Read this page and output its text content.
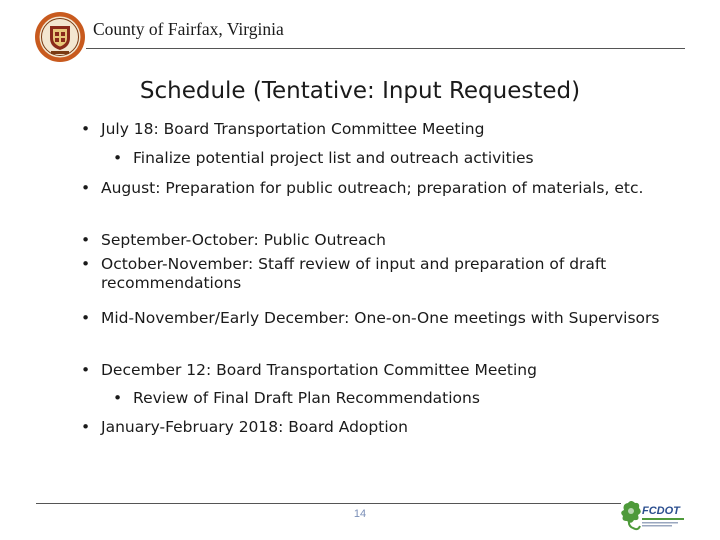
County of Fairfax, Virginia
Schedule (Tentative: Input Requested)
• July 18: Board Transportation Committee Meeting
• Finalize potential project list and outreach activities
• August: Preparation for public outreach; preparation of materials, etc.
• September-October: Public Outreach
• October-November: Staff review of input and preparation of draft recommendations
• Mid-November/Early December: One-on-One meetings with Supervisors
• December 12: Board Transportation Committee Meeting
• Review of Final Draft Plan Recommendations
• January-February 2018: Board Adoption
14	FCDOT
